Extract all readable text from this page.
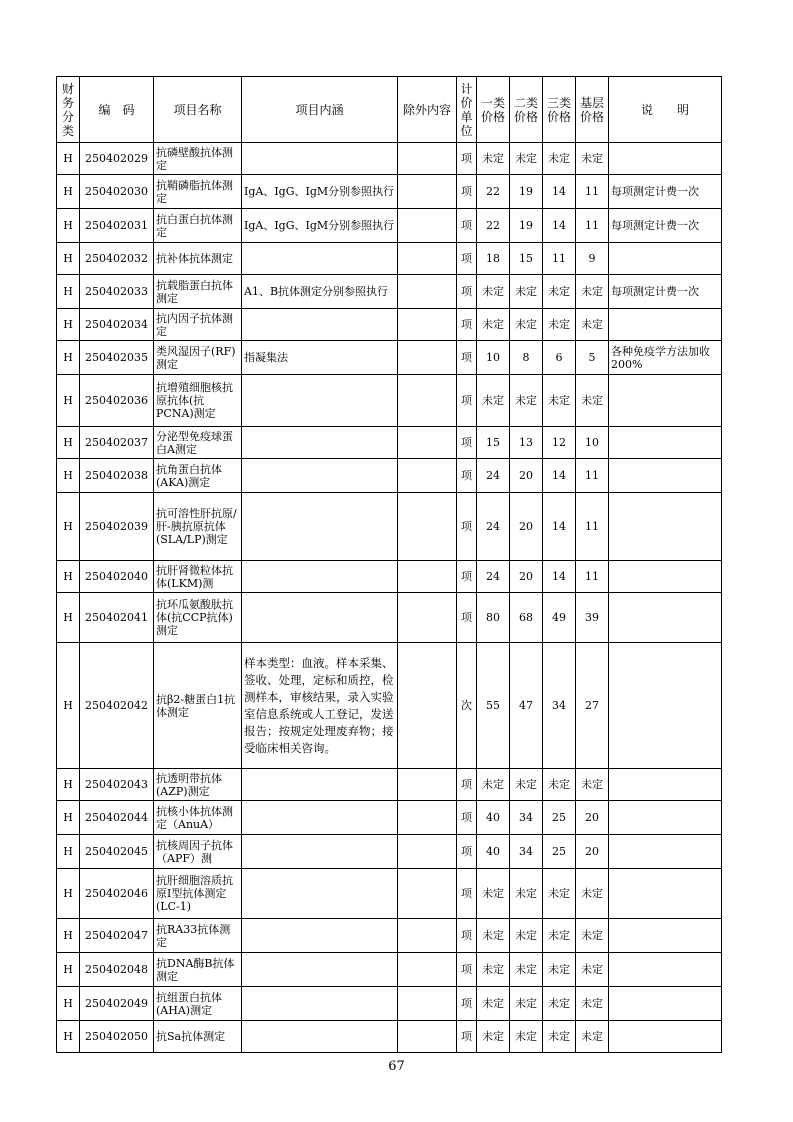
财务分类	编　码	项目名称	项目内涵	除外内容	计价单位	一类价格	二类价格	三类价格	基层价格	说　　明
H	250402029	抗磷壁酸抗体测定			项	未定	未定	未定	未定	
H	250402030	抗鞘磷脂抗体测定	IgA、IgG、IgM分别参照执行		项	22	19	14	11	每项测定计费一次
H	250402031	抗白蛋白抗体测定	IgA、IgG、IgM分别参照执行		项	22	19	14	11	每项测定计费一次
H	250402032	抗补体抗体测定			项	18	15	11	9	
H	250402033	抗载脂蛋白抗体测定	A1、B抗体测定分别参照执行		项	未定	未定	未定	未定	每项测定计费一次
H	250402034	抗内因子抗体测定			项	未定	未定	未定	未定	
H	250402035	类风湿因子(RF)测定	指凝集法		项	10	8	6	5	各种免疫学方法加收200%
H	250402036	抗增殖细胞核抗原抗体(抗PCNA)测定			项	未定	未定	未定	未定	
H	250402037	分泌型免疫球蛋白A测定			项	15	13	12	10	
H	250402038	抗角蛋白抗体(AKA)测定			项	24	20	14	11	
H	250402039	抗可溶性肝抗原/肝-胰抗原抗体(SLA/LP)测定			项	24	20	14	11	
H	250402040	抗肝肾微粒体抗体(LKM)测			项	24	20	14	11	
H	250402041	抗环瓜氨酸肽抗体(抗CCP抗体)测定			项	80	68	49	39	
H	250402042	抗β2-糖蛋白1抗体测定	样本类型：血液。样本采集、签收、处理，定标和质控，检测样本，审核结果，录入实验室信息系统或人工登记，发送报告；按规定处理废弃物；接受临床相关咨询。		次	55	47	34	27	
H	250402043	抗透明带抗体(AZP)测定			项	未定	未定	未定	未定	
H	250402044	抗核小体抗体测定（AnuA）			项	40	34	25	20	
H	250402045	抗核周因子抗体（APF）测			项	40	34	25	20	
H	250402046	抗肝细胞溶质抗原I型抗体测定(LC-1)			项	未定	未定	未定	未定	
H	250402047	抗RA33抗体测定			项	未定	未定	未定	未定	
H	250402048	抗DNA酶B抗体测定			项	未定	未定	未定	未定	
H	250402049	抗组蛋白抗体(AHA)测定			项	未定	未定	未定	未定	
H	250402050	抗Sa抗体测定			项	未定	未定	未定	未定	
67
